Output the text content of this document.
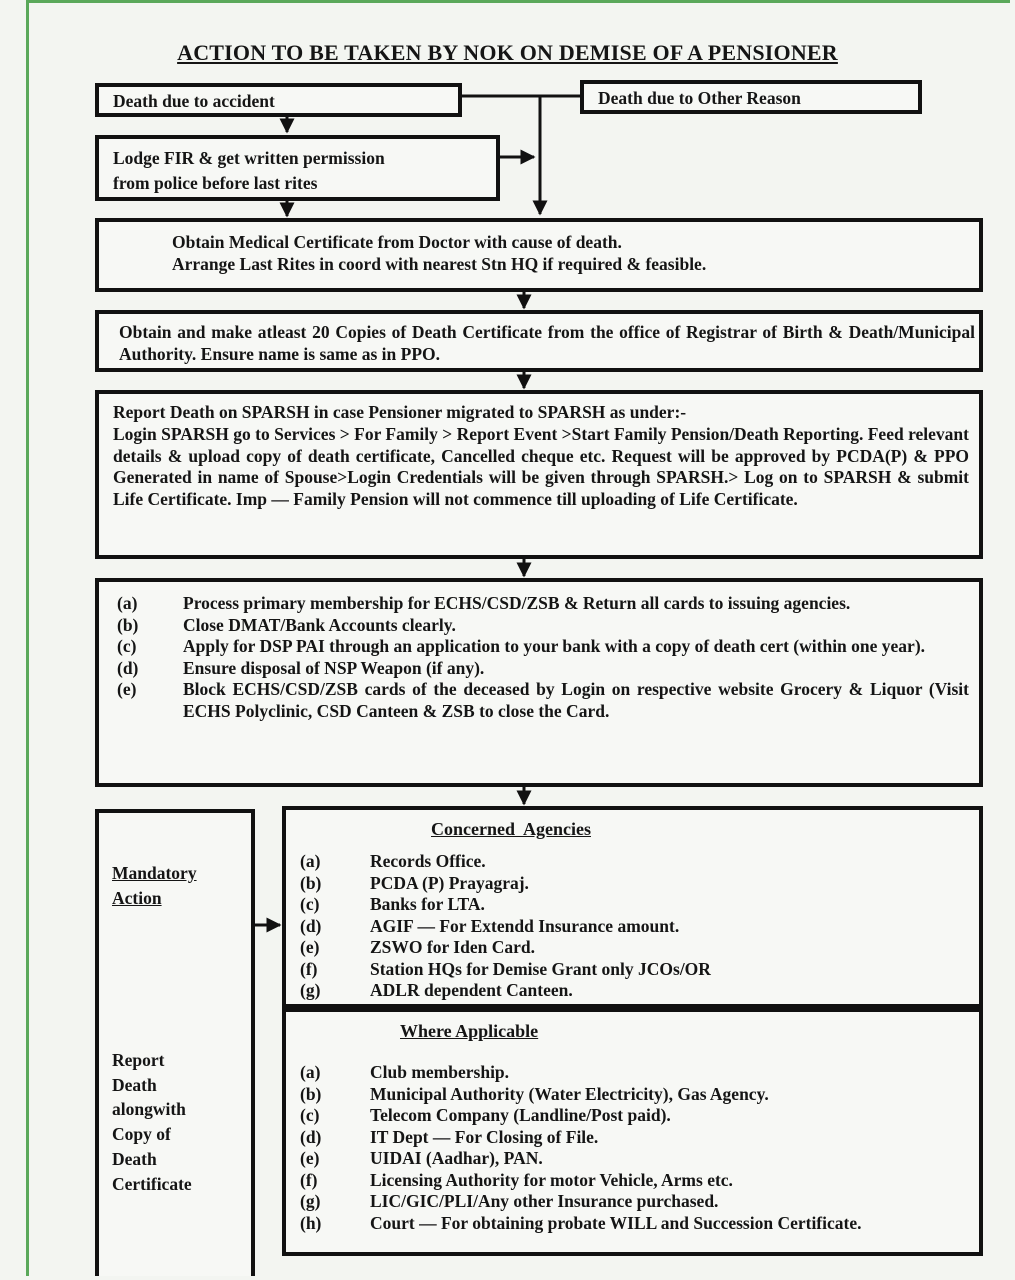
ACTION TO BE TAKEN BY NOK ON DEMISE OF A PENSIONER
Death due to accident	Death due to Other Reason
Lodge FIR & get written permission
from police before last rites
Obtain Medical Certificate from Doctor with cause of death.
Arrange Last Rites in coord with nearest Stn HQ if required & feasible.
Obtain and make atleast 20 Copies of Death Certificate from the office of Registrar of Birth & Death/Municipal Authority. Ensure name is same as in PPO.
Report Death on SPARSH in case Pensioner migrated to SPARSH as under:-
Login SPARSH go to Services > For Family > Report Event >Start Family Pension/Death Reporting. Feed relevant details & upload copy of death certificate, Cancelled cheque etc. Request will be approved by PCDA(P) & PPO Generated in name of Spouse>Login Credentials will be given through SPARSH.> Log on to SPARSH & submit Life Certificate. Imp — Family Pension will not commence till uploading of Life Certificate.
(a)	Process primary membership for ECHS/CSD/ZSB & Return all cards to issuing agencies.
(b)	Close DMAT/Bank Accounts clearly.
(c)	Apply for DSP PAI through an application to your bank with a copy of death cert (within one year).
(d)	Ensure disposal of NSP Weapon (if any).
(e)	Block ECHS/CSD/ZSB cards of the deceased by Login on respective website Grocery & Liquor (Visit ECHS Polyclinic, CSD Canteen & ZSB to close the Card.
Mandatory
Action
Report
Death
alongwith
Copy of
Death
Certificate
Concerned  Agencies
(a)	Records Office.
(b)	PCDA (P) Prayagraj.
(c)	Banks for LTA.
(d)	AGIF — For Extendd Insurance amount.
(e)	ZSWO for Iden Card.
(f)	Station HQs for Demise Grant only JCOs/OR
(g)	ADLR dependent Canteen.
Where Applicable
(a)	Club membership.
(b)	Municipal Authority (Water Electricity), Gas Agency.
(c)	Telecom Company (Landline/Post paid).
(d)	IT Dept — For Closing of File.
(e)	UIDAI (Aadhar), PAN.
(f)	Licensing Authority for motor Vehicle, Arms etc.
(g)	LIC/GIC/PLI/Any other Insurance purchased.
(h)	Court — For obtaining probate WILL and Succession Certificate.
